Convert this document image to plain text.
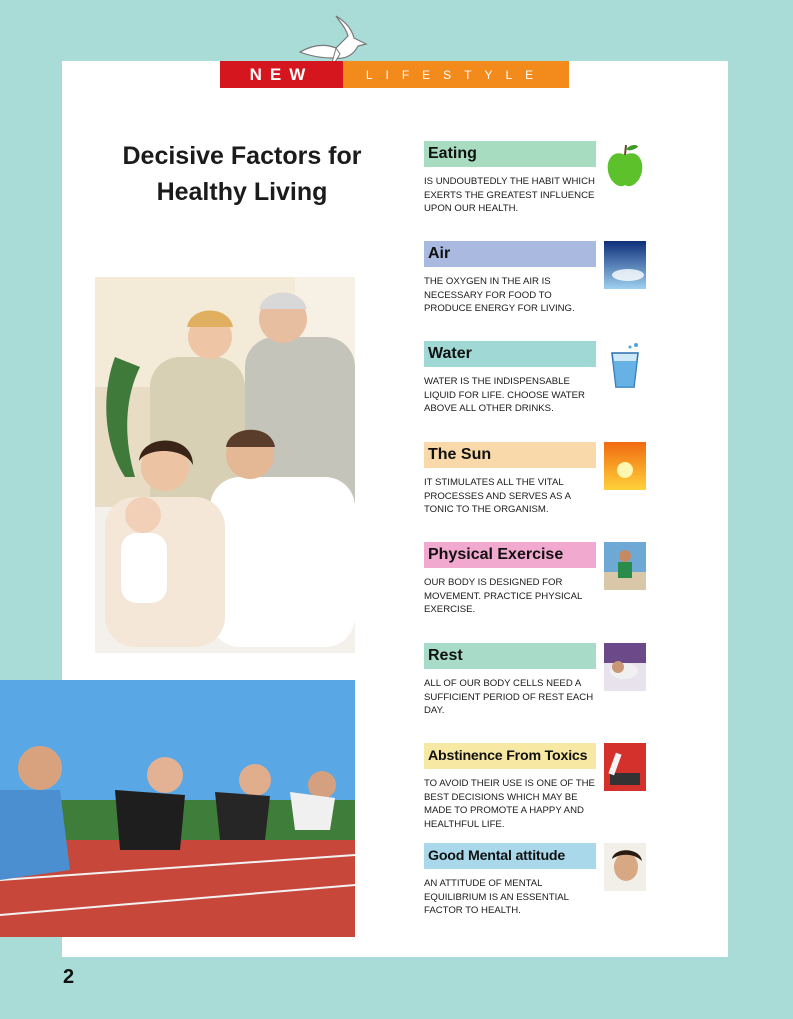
NEW	LIFESTYLE
Decisive Factors for
Healthy Living
Eating
IS UNDOUBTEDLY THE HABIT WHICH EXERTS THE GREATEST INFLUENCE UPON OUR HEALTH.
Air
THE OXYGEN IN THE AIR IS NECESSARY FOR FOOD TO PRODUCE ENERGY FOR LIVING.
Water
WATER IS THE INDISPENSABLE LIQUID FOR LIFE. CHOOSE WATER ABOVE ALL OTHER DRINKS.
The Sun
IT STIMULATES ALL THE VITAL PROCESSES AND SERVES AS A TONIC TO THE ORGANISM.
Physical Exercise
OUR BODY IS DESIGNED FOR MOVEMENT. PRACTICE PHYSICAL EXERCISE.
Rest
ALL OF OUR BODY CELLS NEED A SUFFICIENT PERIOD OF REST EACH DAY.
Abstinence From Toxics
TO AVOID THEIR USE IS ONE OF THE BEST DECISIONS WHICH MAY BE MADE TO PROMOTE A HAPPY AND HEALTHFUL LIFE.
Good Mental attitude
AN ATTITUDE OF MENTAL EQUILIBRIUM IS AN ESSENTIAL FACTOR TO HEALTH.
2
